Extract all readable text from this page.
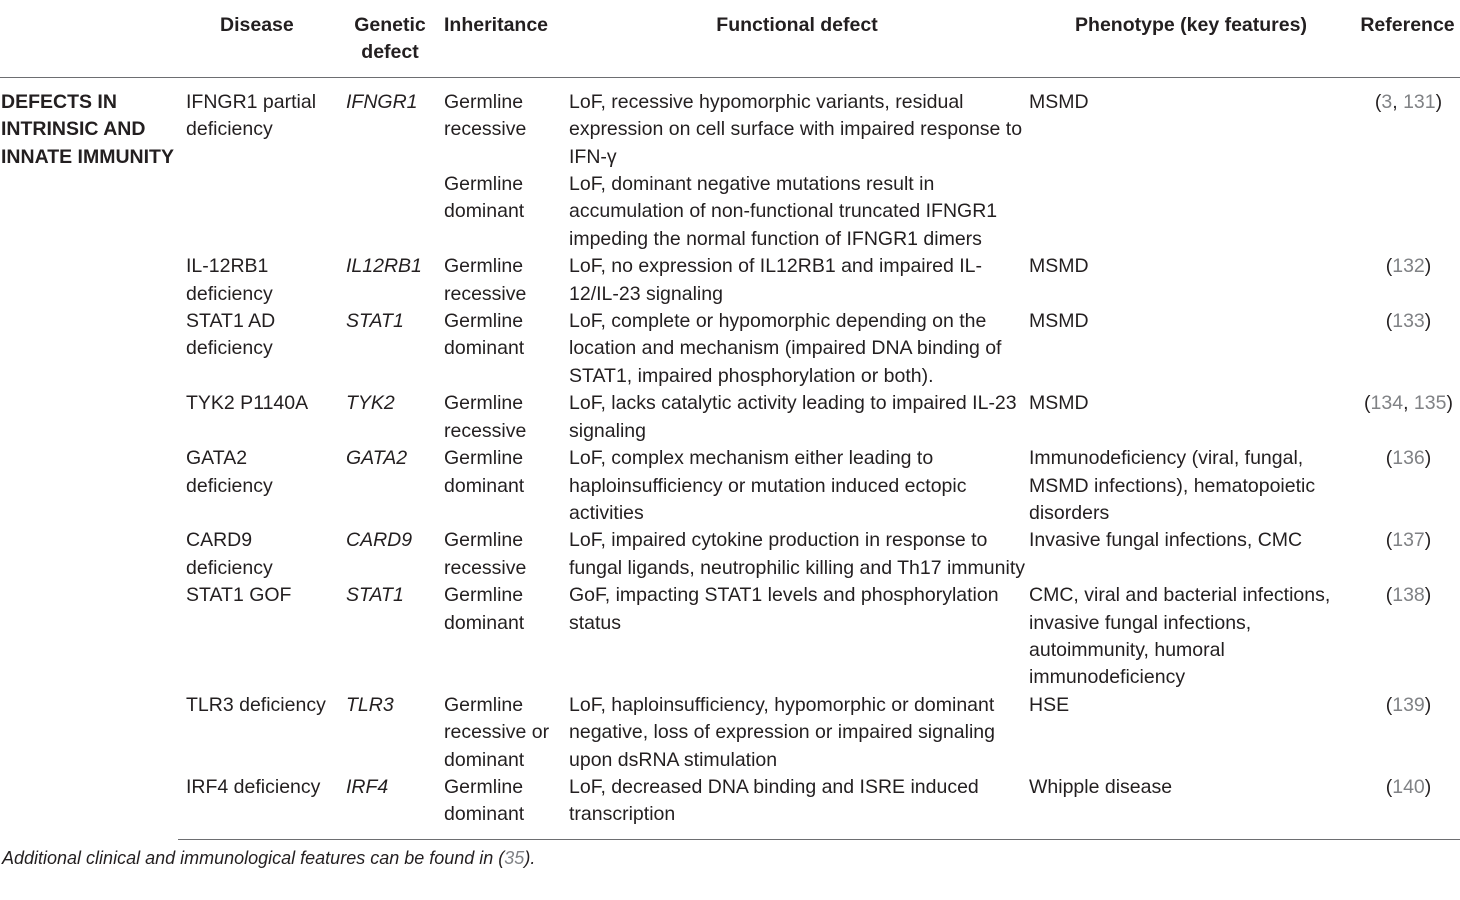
	Disease	Genetic defect	Inheritance	Functional defect	Phenotype (key features)	Reference
DEFECTS IN INTRINSIC AND INNATE IMMUNITY	IFNGR1 partial deficiency	IFNGR1	Germline recessive	LoF, recessive hypomorphic variants, residual expression on cell surface with impaired response to IFN-γ	MSMD	(3, 131)
			Germline dominant	LoF, dominant negative mutations result in accumulation of non-functional truncated IFNGR1 impeding the normal function of IFNGR1 dimers		
	IL-12RB1 deficiency	IL12RB1	Germline recessive	LoF, no expression of IL12RB1 and impaired IL-12/IL-23 signaling	MSMD	(132)
	STAT1 AD deficiency	STAT1	Germline dominant	LoF, complete or hypomorphic depending on the location and mechanism (impaired DNA binding of STAT1, impaired phosphorylation or both).	MSMD	(133)
	TYK2 P1140A	TYK2	Germline recessive	LoF, lacks catalytic activity leading to impaired IL-23 signaling	MSMD	(134, 135)
	GATA2 deficiency	GATA2	Germline dominant	LoF, complex mechanism either leading to haploinsufficiency or mutation induced ectopic activities	Immunodeficiency (viral, fungal, MSMD infections), hematopoietic disorders	(136)
	CARD9 deficiency	CARD9	Germline recessive	LoF, impaired cytokine production in response to fungal ligands, neutrophilic killing and Th17 immunity	Invasive fungal infections, CMC	(137)
	STAT1 GOF	STAT1	Germline dominant	GoF, impacting STAT1 levels and phosphorylation status	CMC, viral and bacterial infections, invasive fungal infections, autoimmunity, humoral immunodeficiency	(138)
	TLR3 deficiency	TLR3	Germline recessive or dominant	LoF, haploinsufficiency, hypomorphic or dominant negative, loss of expression or impaired signaling upon dsRNA stimulation	HSE	(139)
	IRF4 deficiency	IRF4	Germline dominant	LoF, decreased DNA binding and ISRE induced transcription	Whipple disease	(140)
Additional clinical and immunological features can be found in (35).
